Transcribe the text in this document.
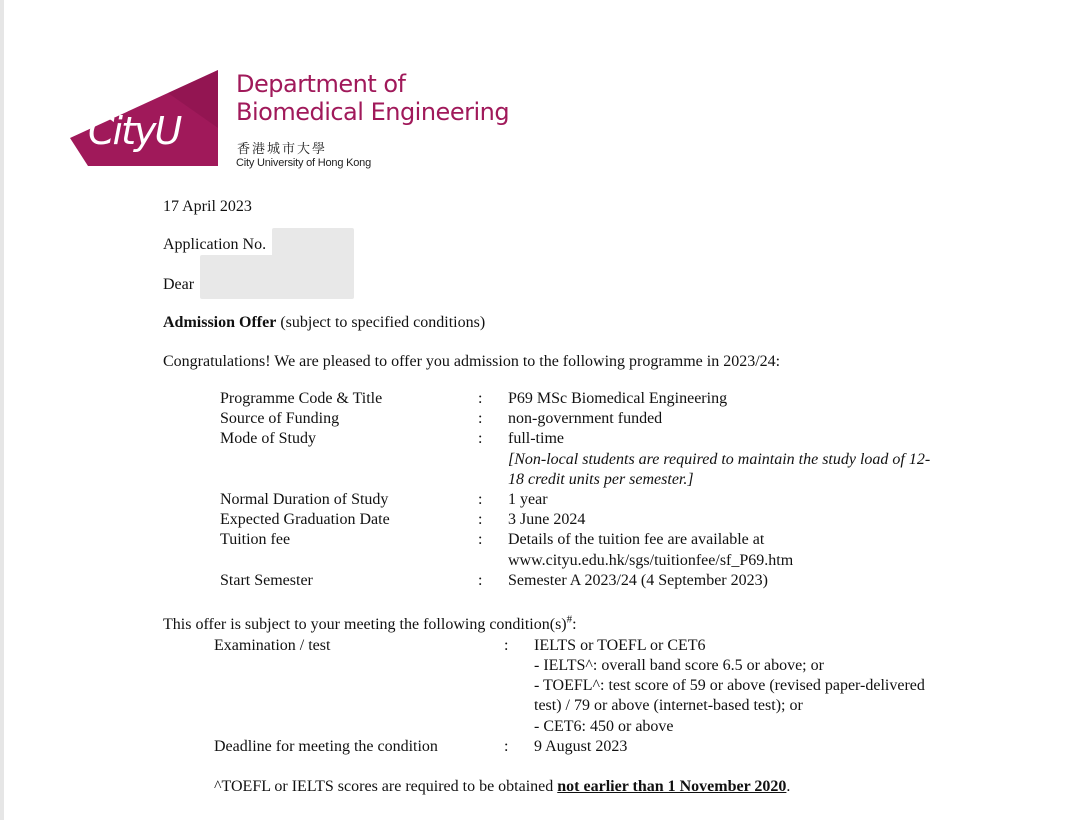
CityU
Department of
Biomedical Engineering
香港城市大學
City University of Hong Kong
17 April 2023
Application No.
Dear
Admission Offer (subject to specified conditions)
Congratulations! We are pleased to offer you admission to the following programme in 2023/24:
Programme Code & Title	: P69 MSc Biomedical Engineering
Source of Funding	: non-government funded
Mode of Study	: full-time
[Non-local students are required to maintain the study load of 12-
18 credit units per semester.]
Normal Duration of Study	: 1 year
Expected Graduation Date	: 3 June 2024
Tuition fee	: Details of the tuition fee are available at
www.cityu.edu.hk/sgs/tuitionfee/sf_P69.htm
Start Semester	: Semester A 2023/24 (4 September 2023)
This offer is subject to your meeting the following condition(s)#:
Examination / test	: IELTS or TOEFL or CET6
- IELTS^: overall band score 6.5 or above; or
- TOEFL^: test score of 59 or above (revised paper-delivered
test) / 79 or above (internet-based test); or
- CET6: 450 or above
Deadline for meeting the condition	: 9 August 2023
^TOEFL or IELTS scores are required to be obtained not earlier than 1 November 2020.
